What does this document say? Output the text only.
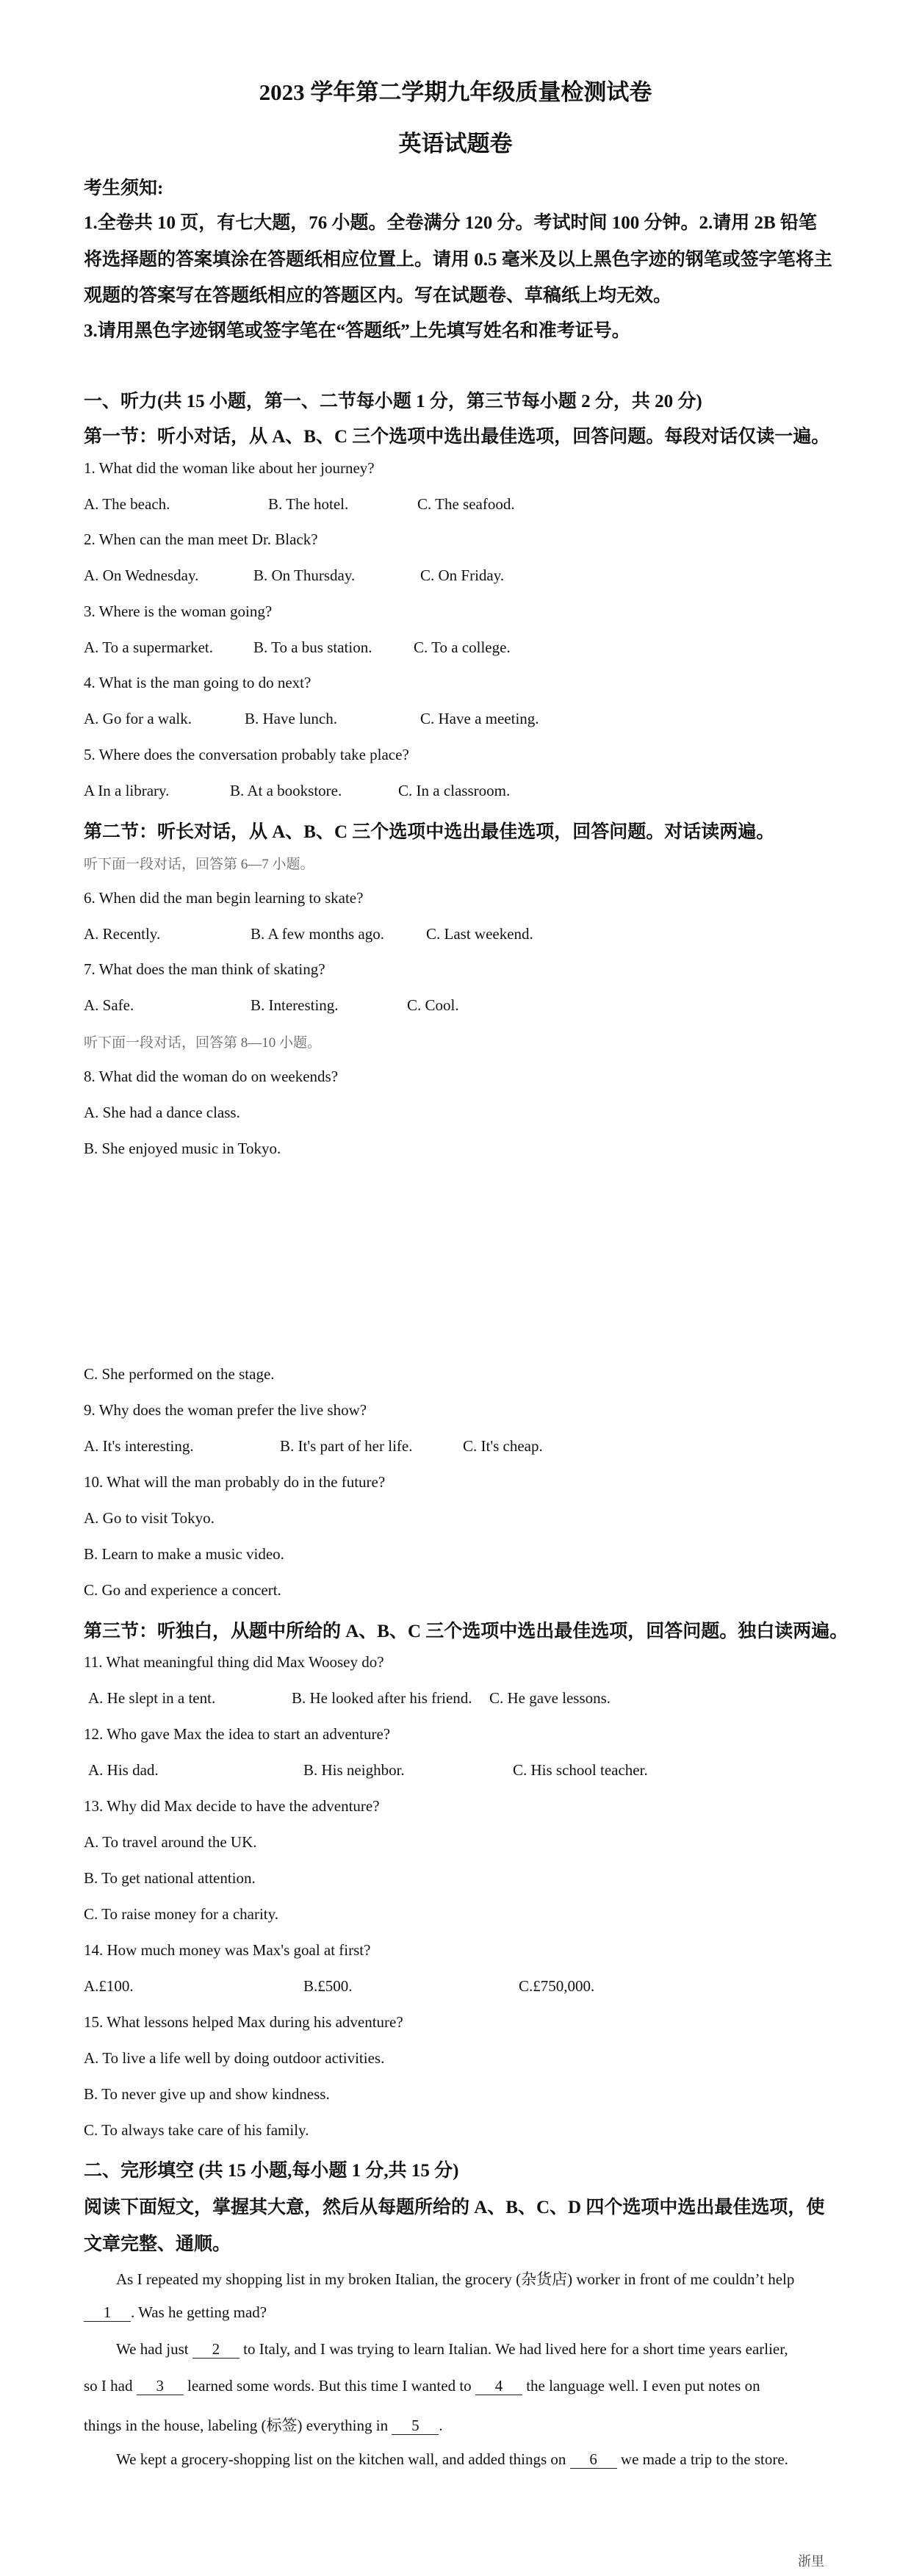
2023 学年第二学期九年级质量检测试卷
英语试题卷
考生须知:
1.全卷共 10 页，有七大题，76 小题。全卷满分 120 分。考试时间 100 分钟。2.请用 2B 铅笔
将选择题的答案填涂在答题纸相应位置上。请用 0.5 毫米及以上黑色字迹的钢笔或签字笔将主
观题的答案写在答题纸相应的答题区内。写在试题卷、草稿纸上均无效。
3.请用黑色字迹钢笔或签字笔在“答题纸”上先填写姓名和准考证号。
一、听力(共 15 小题，第一、二节每小题 1 分，第三节每小题 2 分，共 20 分)
第一节：听小对话，从 A、B、C 三个选项中选出最佳选项，回答问题。每段对话仅读一遍。
1. What did the woman like about her journey?
A. The beach.	B. The hotel.	C. The seafood.
2. When can the man meet Dr. Black?
A. On Wednesday.	B. On Thursday.	C. On Friday.
3. Where is the woman going?
A. To a supermarket.	B. To a bus station.	C. To a college.
4. What is the man going to do next?
A. Go for a walk.	B. Have lunch.	C. Have a meeting.
5. Where does the conversation probably take place?
A In a library.	B. At a bookstore.	C. In a classroom.
第二节：听长对话，从 A、B、C 三个选项中选出最佳选项，回答问题。对话读两遍。
听下面一段对话，回答第 6—7 小题。
6. When did the man begin learning to skate?
A. Recently.	B. A few months ago.	C. Last weekend.
7. What does the man think of skating?
A. Safe.	B. Interesting.	C. Cool.
听下面一段对话，回答第 8—10 小题。
8. What did the woman do on weekends?
A. She had a dance class.
B. She enjoyed music in Tokyo.
C. She performed on the stage.
9. Why does the woman prefer the live show?
A. It's interesting.	B. It's part of her life.	C. It's cheap.
10. What will the man probably do in the future?
A. Go to visit Tokyo.
B. Learn to make a music video.
C. Go and experience a concert.
第三节：听独白，从题中所给的 A、B、C 三个选项中选出最佳选项，回答问题。独白读两遍。
11. What meaningful thing did Max Woosey do?
A. He slept in a tent.	B. He looked after his friend. C. He gave lessons.
12. Who gave Max the idea to start an adventure?
A. His dad.	B. His neighbor.	C. His school teacher.
13. Why did Max decide to have the adventure?
A. To travel around the UK.
B. To get national attention.
C. To raise money for a charity.
14. How much money was Max's goal at first?
A.£100.	B.£500.	C.£750,000.
15. What lessons helped Max during his adventure?
A. To live a life well by doing outdoor activities.
B. To never give up and show kindness.
C. To always take care of his family.
二、完形填空 (共 15 小题,每小题 1 分,共 15 分)
阅读下面短文，掌握其大意，然后从每题所给的 A、B、C、D 四个选项中选出最佳选项，使
文章完整、通顺。
As I repeated my shopping list in my broken Italian, the grocery (杂货店) worker in front of me couldn’t help
1 . Was he getting mad?
We had just 2 to Italy, and I was trying to learn Italian. We had lived here for a short time years earlier,
so I had 3 learned some words. But this time I wanted to 4 the language well. I even put notes on
things in the house, labeling (标签) everything in 5 .
We kept a grocery-shopping list on the kitchen wall, and added things on 6 we made a trip to the store.
浙里
